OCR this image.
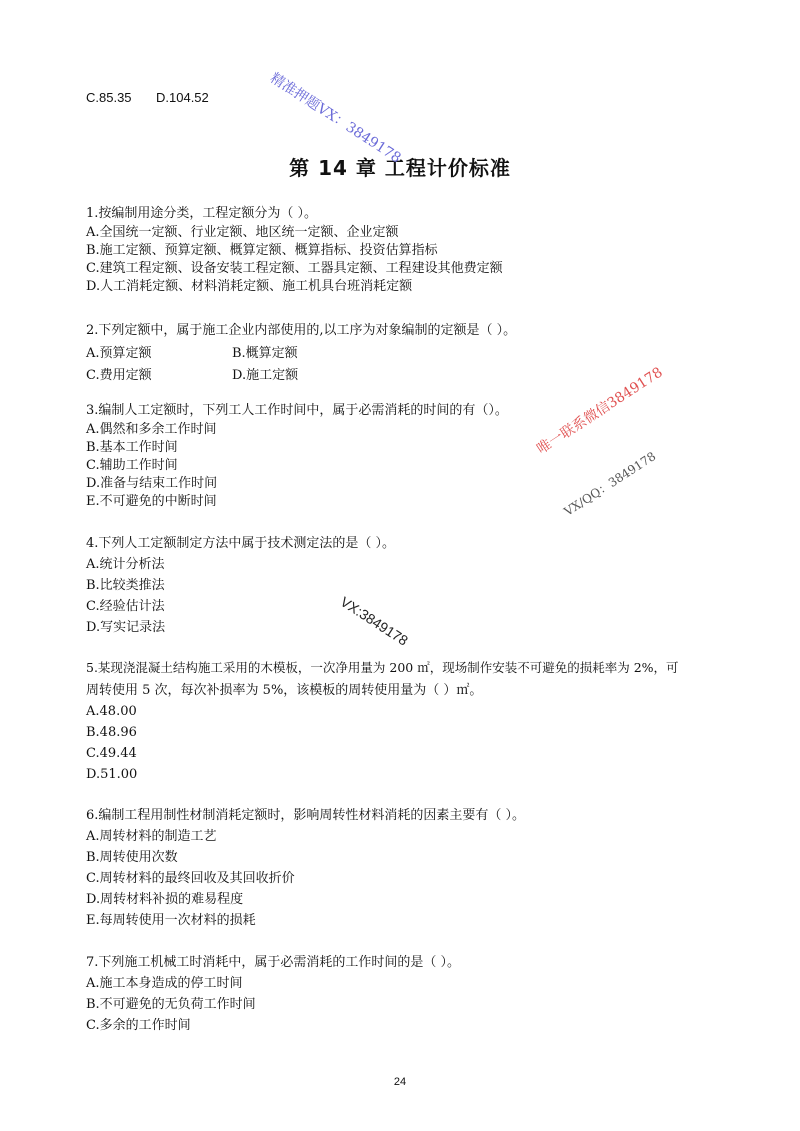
C.85.35 D.104.52
第 14 章 工程计价标准
1.按编制用途分类，工程定额分为（ ）。
A.全国统一定额、行业定额、地区统一定额、企业定额
B.施工定额、预算定额、概算定额、概算指标、投资估算指标
C.建筑工程定额、设备安装工程定额、工器具定额、工程建设其他费定额
D.人工消耗定额、材料消耗定额、施工机具台班消耗定额
2.下列定额中，属于施工企业内部使用的,以工序为对象编制的定额是（ ）。
A.预算定额	B.概算定额
C.费用定额	D.施工定额
3.编制人工定额时，下列工人工作时间中，属于必需消耗的时间的有（）。
A.偶然和多余工作时间
B.基本工作时间
C.辅助工作时间
D.准备与结束工作时间
E.不可避免的中断时间
4.下列人工定额制定方法中属于技术测定法的是（ ）。
A.统计分析法
B.比较类推法
C.经验估计法
D.写实记录法
5.某现浇混凝土结构施工采用的木模板，一次净用量为 200 ㎡，现场制作安装不可避免的损耗率为 2%，可
周转使用 5 次，每次补损率为 5%，该模板的周转使用量为（ ）㎡。
A.48.00
B.48.96
C.49.44
D.51.00
6.编制工程用制性材制消耗定额时，影响周转性材料消耗的因素主要有（ ）。
A.周转材料的制造工艺
B.周转使用次数
C.周转材料的最终回收及其回收折价
D.周转材料补损的难易程度
E.每周转使用一次材料的损耗
7.下列施工机械工时消耗中，属于必需消耗的工作时间的是（ ）。
A.施工本身造成的停工时间
B.不可避免的无负荷工作时间
C.多余的工作时间
精准押题VX：3849178
唯一联系微信3849178
VX/QQ：3849178
VX:3849178
24
